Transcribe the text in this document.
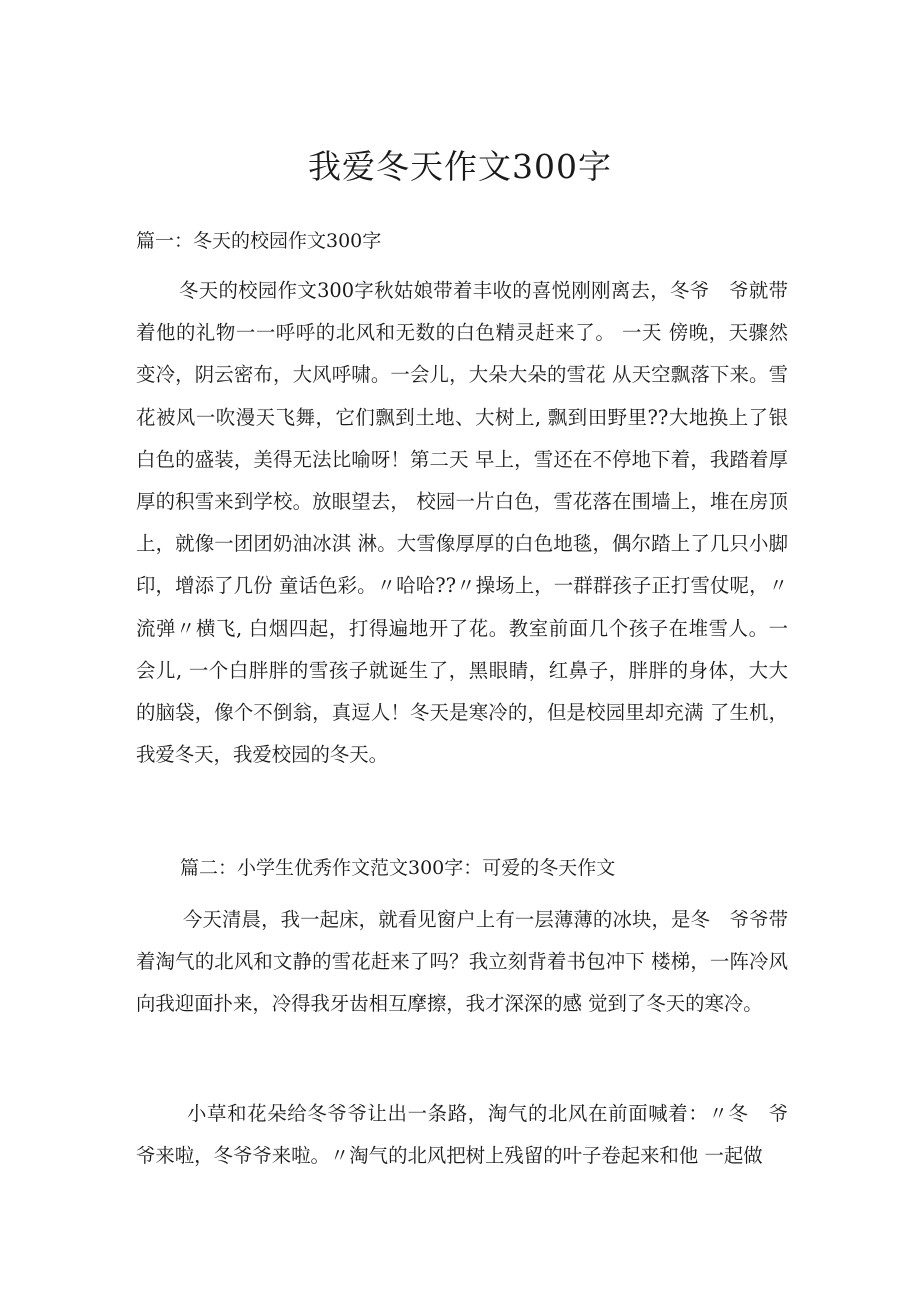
我爱冬天作文300字

篇一：冬天的校园作文300字

冬天的校园作文300字秋姑娘带着丰收的喜悦刚刚离去，冬爷　爷就带着他的礼物一一呼呼的北风和无数的白色精灵赶来了。 一天 傍晚，天骤然变冷，阴云密布，大风呼啸。一会儿，大朵大朵的雪花 从天空飘落下来。雪花被风一吹漫天飞舞，它们飘到土地、大树上, 飘到田野里??大地换上了银白色的盛装，美得无法比喻呀！第二天 早上，雪还在不停地下着，我踏着厚厚的积雪来到学校。放眼望去， 校园一片白色，雪花落在围墙上，堆在房顶上，就像一团团奶油冰淇 淋。大雪像厚厚的白色地毯，偶尔踏上了几只小脚印，增添了几份 童话色彩。〃哈哈??〃操场上，一群群孩子正打雪仗呢，〃流弹〃横飞, 白烟四起，打得遍地开了花。教室前面几个孩子在堆雪人。一会儿, 一个白胖胖的雪孩子就诞生了，黑眼睛，红鼻子，胖胖的身体，大大 的脑袋，像个不倒翁，真逗人！冬天是寒冷的，但是校园里却充满 了生机，我爱冬天，我爱校园的冬天。

篇二：小学生优秀作文范文300字：可爱的冬天作文

今天清晨，我一起床，就看见窗户上有一层薄薄的冰块，是冬　爷爷带着淘气的北风和文静的雪花赶来了吗？我立刻背着书包冲下 楼梯，一阵冷风向我迎面扑来，冷得我牙齿相互摩擦，我才深深的感 觉到了冬天的寒冷。

小草和花朵给冬爷爷让出一条路，淘气的北风在前面喊着：〃冬　爷爷来啦，冬爷爷来啦。〃淘气的北风把树上残留的叶子卷起来和他 一起做
